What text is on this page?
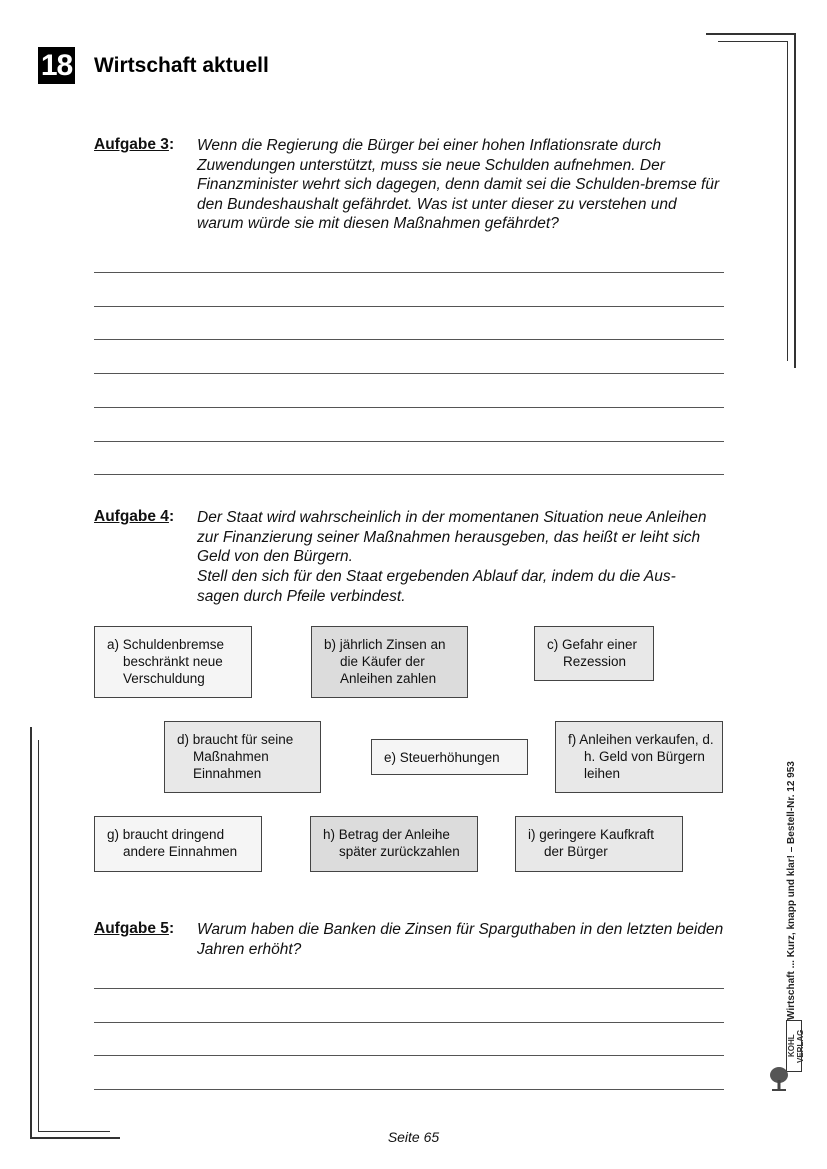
18 Wirtschaft aktuell
Aufgabe 3: Wenn die Regierung die Bürger bei einer hohen Inflationsrate durch Zuwendungen unterstützt, muss sie neue Schulden aufnehmen. Der Finanzminister wehrt sich dagegen, denn damit sei die Schulden-bremse für den Bundeshaushalt gefährdet. Was ist unter dieser zu verstehen und warum würde sie mit diesen Maßnahmen gefährdet?
Aufgabe 4: Der Staat wird wahrscheinlich in der momentanen Situation neue Anleihen zur Finanzierung seiner Maßnahmen herausgeben, das heißt er leiht sich Geld von den Bürgern.
Stell den sich für den Staat ergebenden Ablauf dar, indem du die Aus-sagen durch Pfeile verbindest.
a) Schuldenbremse beschränkt neue Verschuldung
b) jährlich Zinsen an die Käufer der Anleihen zahlen
c) Gefahr einer Rezession
d) braucht für seine Maßnahmen Einnahmen
e) Steuerhöhungen
f) Anleihen verkaufen, d. h. Geld von Bürgern leihen
g) braucht dringend andere Einnahmen
h) Betrag der Anleihe später zurückzahlen
i) geringere Kaufkraft der Bürger
Aufgabe 5: Warum haben die Banken die Zinsen für Sparguthaben in den letzten beiden Jahren erhöht?	Wirtschaft ... Kurz, knapp und klar! – Bestell-Nr. 12 953
KOHL VERLAG
Seite 65
